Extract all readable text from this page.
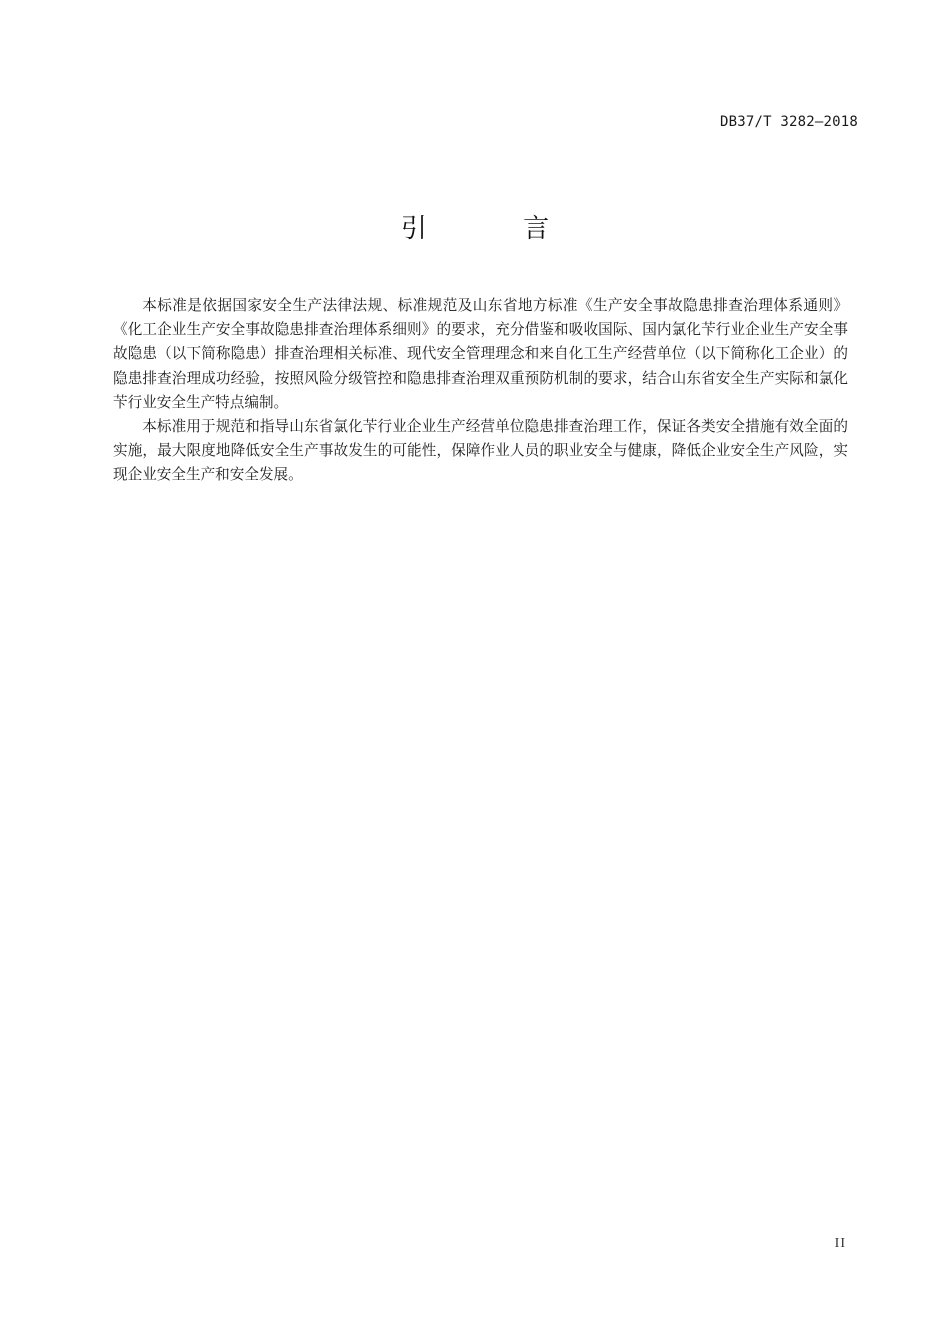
DB37/T 3282—2018
引 言

本标准是依据国家安全生产法律法规、标准规范及山东省地方标准《生产安全事故隐患排查治理体系通则》《化工企业生产安全事故隐患排查治理体系细则》的要求，充分借鉴和吸收国际、国内氯化苄行业企业生产安全事故隐患（以下简称隐患）排查治理相关标准、现代安全管理理念和来自化工生产经营单位（以下简称化工企业）的隐患排查治理成功经验，按照风险分级管控和隐患排查治理双重预防机制的要求，结合山东省安全生产实际和氯化苄行业安全生产特点编制。

本标准用于规范和指导山东省氯化苄行业企业生产经营单位隐患排查治理工作，保证各类安全措施有效全面的实施，最大限度地降低安全生产事故发生的可能性，保障作业人员的职业安全与健康，降低企业安全生产风险，实现企业安全生产和安全发展。

II
